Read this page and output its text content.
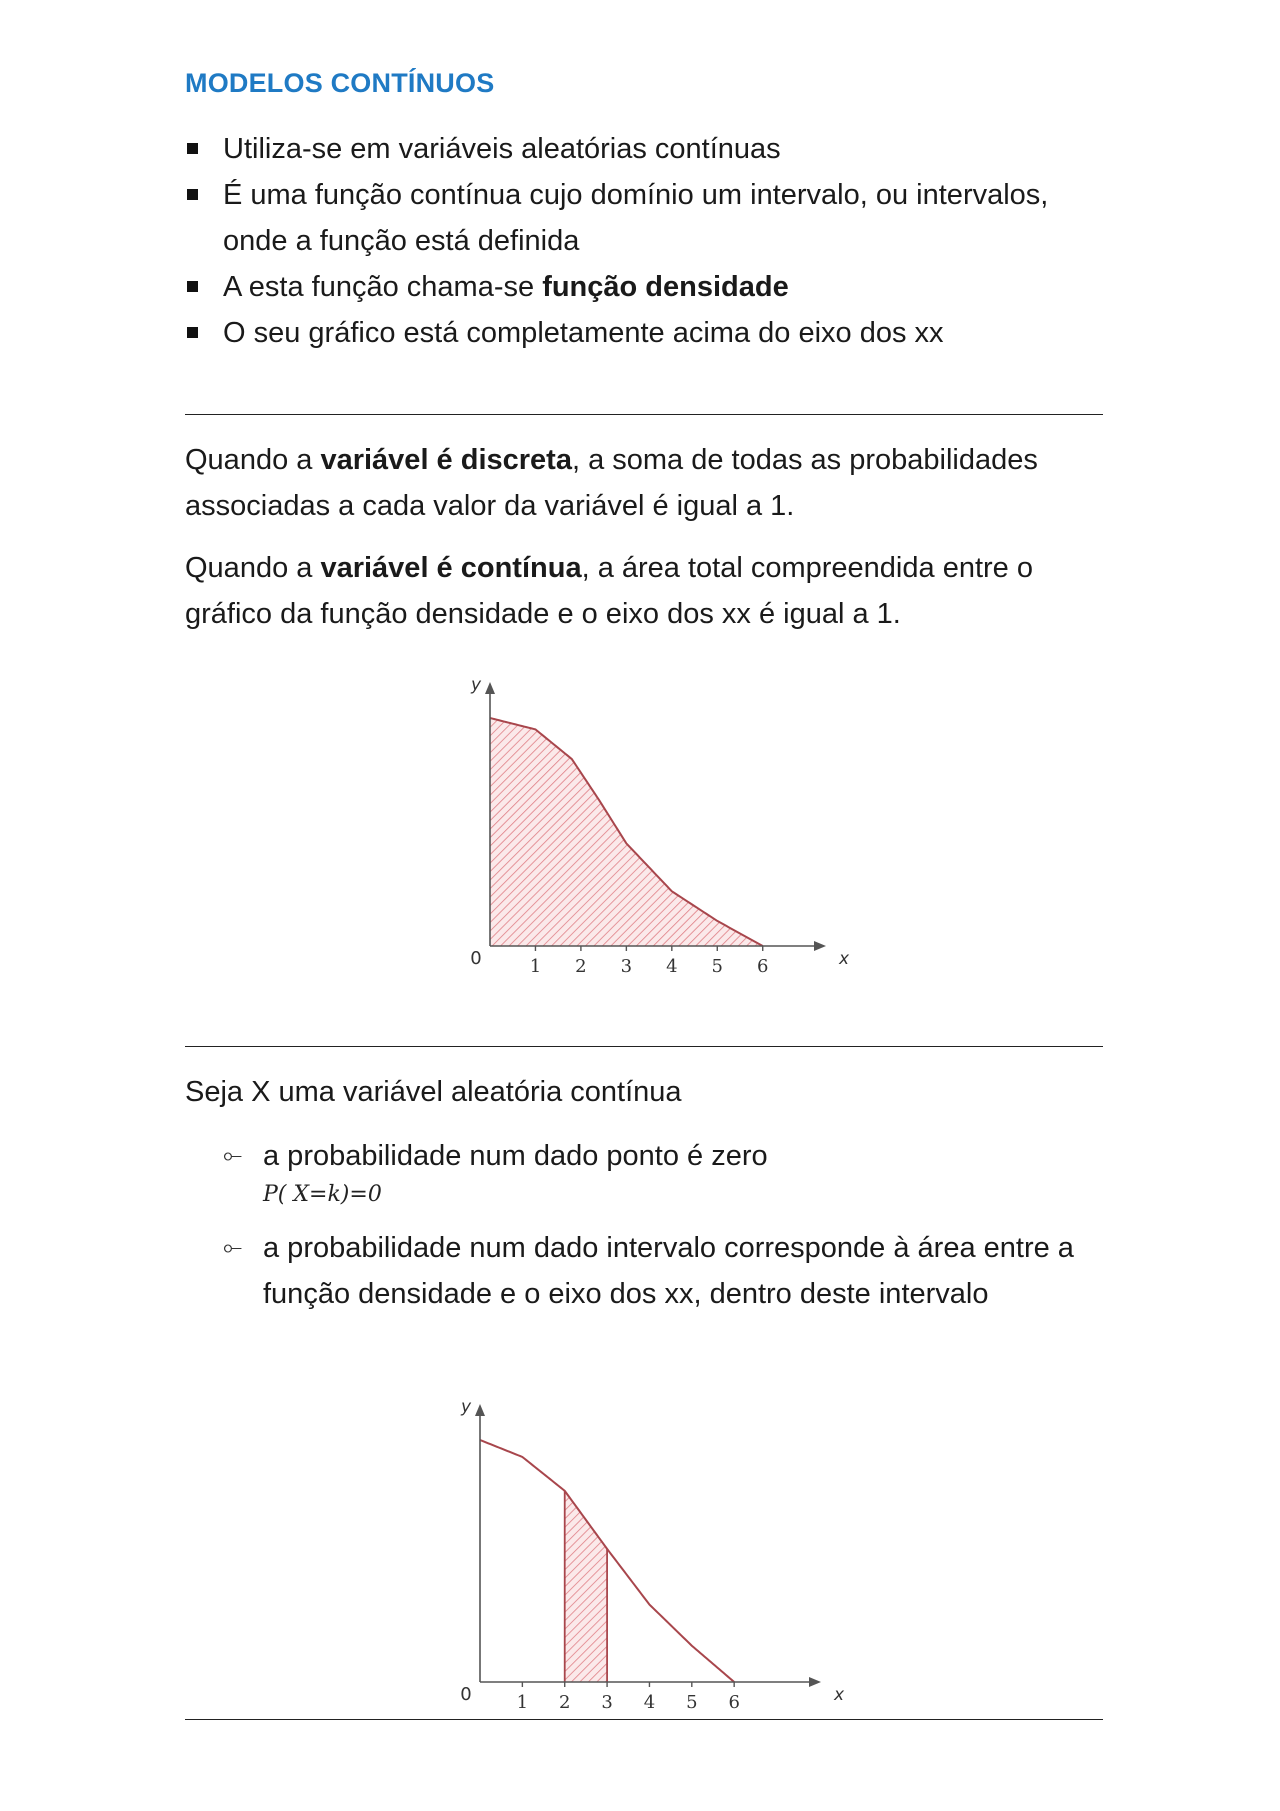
MODELOS CONTÍNUOS
Utiliza-se em variáveis aleatórias contínuas
É uma função contínua cujo domínio um intervalo, ou intervalos, onde a função está definida
A esta função chama-se função densidade
O seu gráfico está completamente acima do eixo dos xx

Quando a variável é discreta, a soma de todas as probabilidades associadas a cada valor da variável é igual a 1.

Quando a variável é contínua, a área total compreendida entre o gráfico da função densidade e o eixo dos xx é igual a 1.

1 2 3 4 5 6
0	x
y

Seja X uma variável aleatória contínua

⟜ a probabilidade num dado ponto é zero
P( X=k)=0
⟜ a probabilidade num dado intervalo corresponde à área entre a função densidade e o eixo dos xx, dentro deste intervalo
1 2 3 4 5 6
0	x
y
